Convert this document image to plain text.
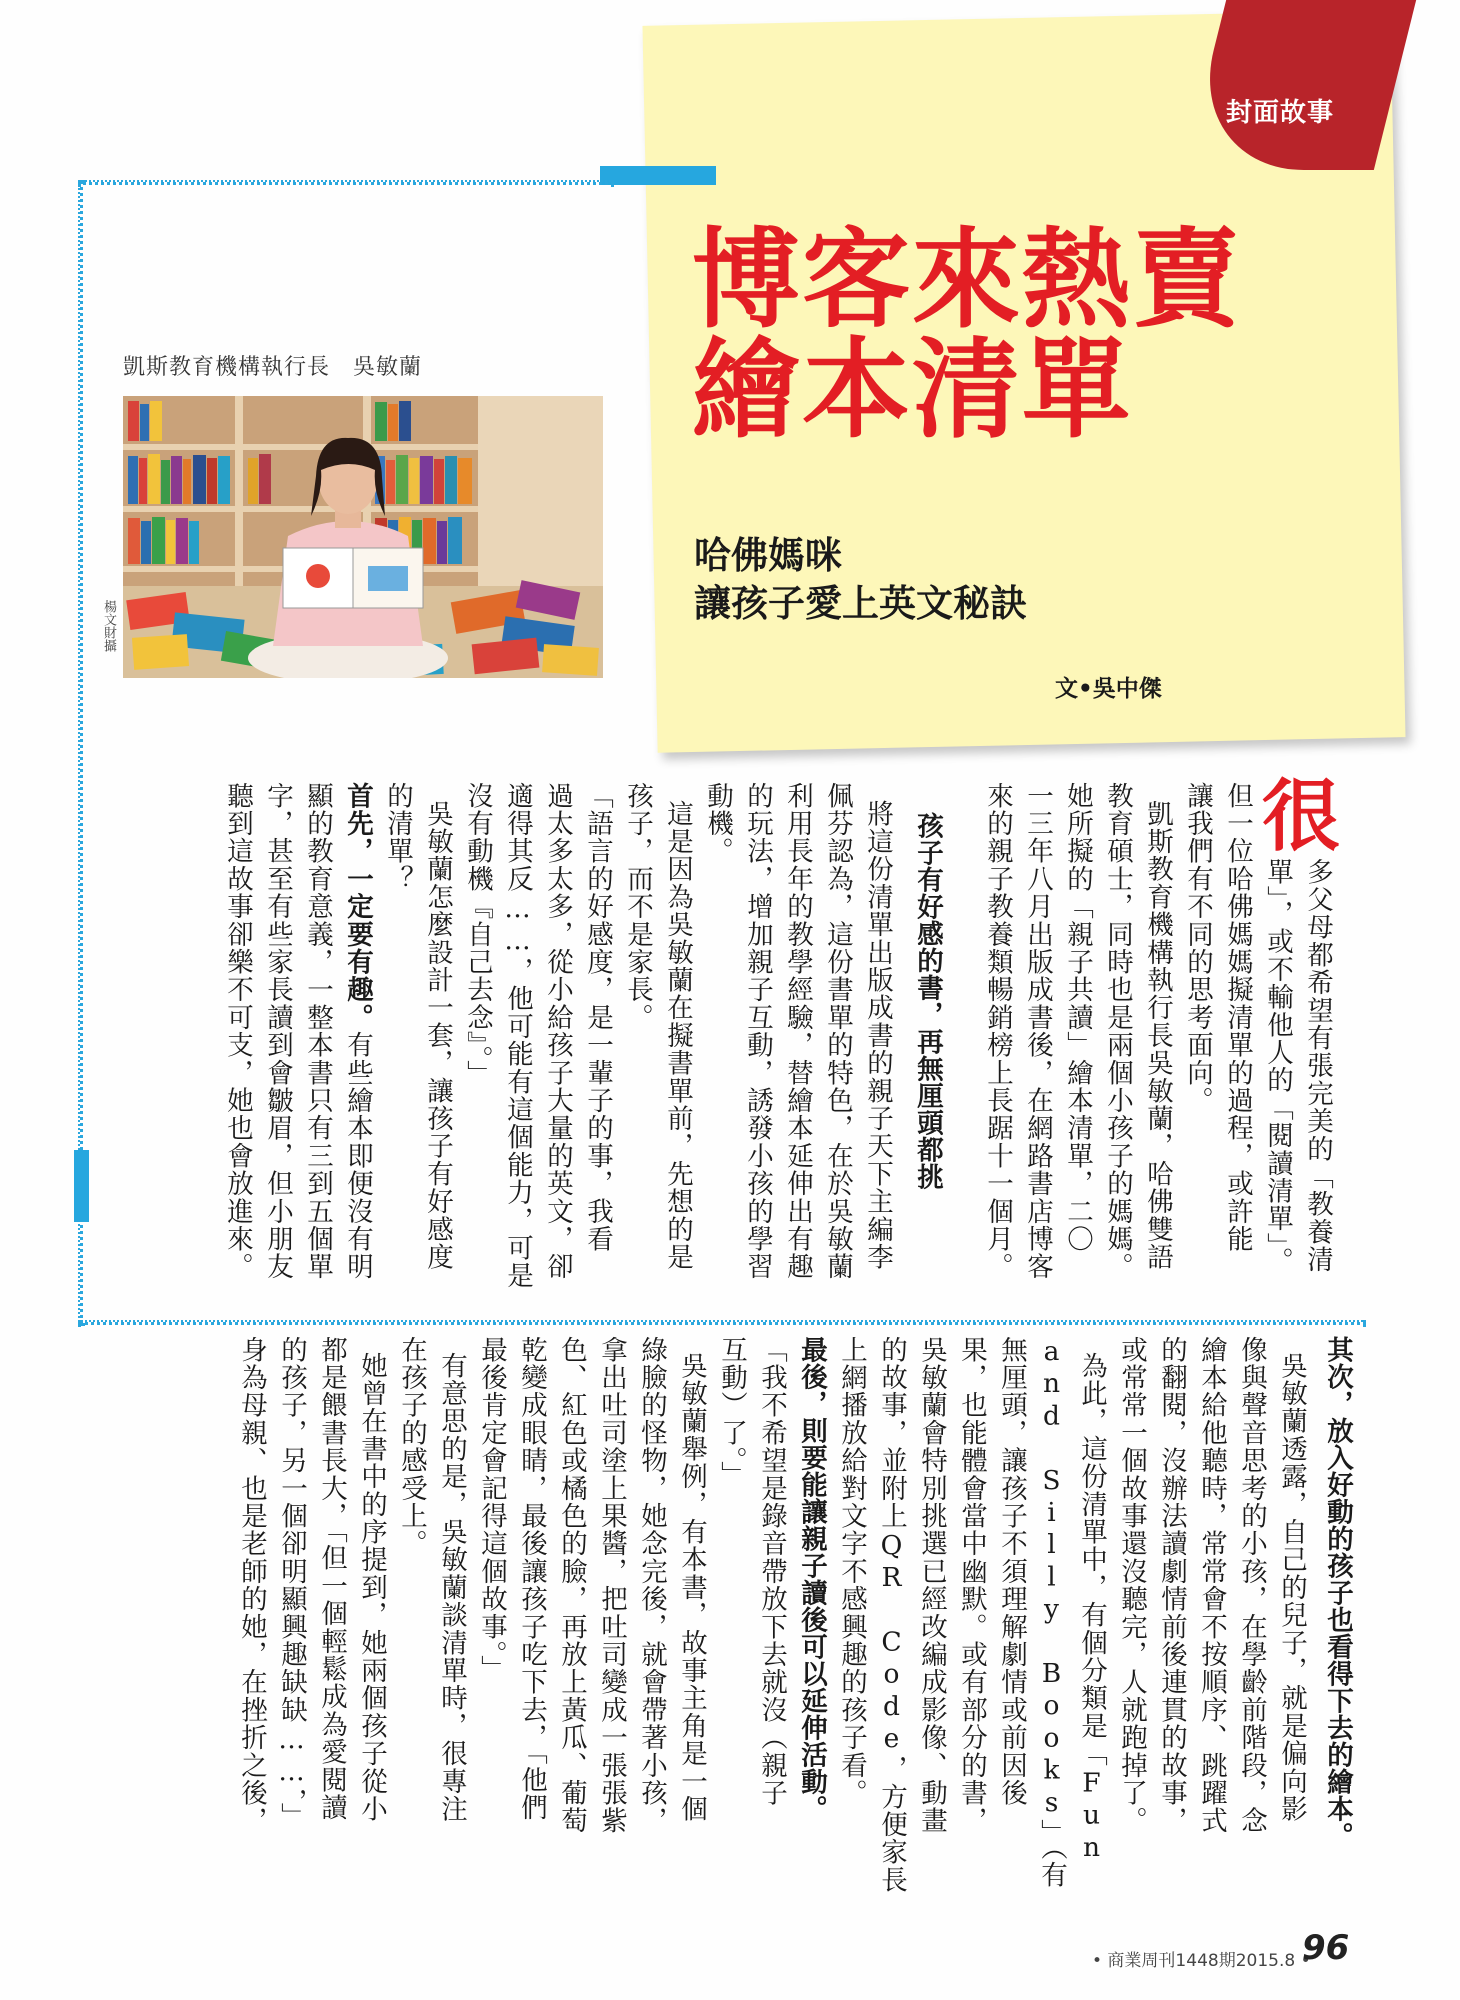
封面故事
博客來熱賣
繪本清單
哈佛媽咪
讓孩子愛上英文秘訣
文•吳中傑
凱斯教育機構執行長　吳敏蘭
楊文財攝
很
多父母都希望有張完美的「教養清
單」，或不輸他人的「閱讀清單」。
但一位哈佛媽媽擬清單的過程，或許能
讓我們有不同的思考面向。
凱斯教育機構執行長吳敏蘭，哈佛雙語
教育碩士，同時也是兩個小孩子的媽媽。
她所擬的「親子共讀」繪本清單，二〇
一三年八月出版成書後，在網路書店博客
來的親子教養類暢銷榜上長踞十一個月。
孩子有好感的書，再無厘頭都挑
將這份清單出版成書的親子天下主編李
佩芬認為，這份書單的特色，在於吳敏蘭
利用長年的教學經驗，替繪本延伸出有趣
的玩法，增加親子互動，誘發小孩的學習
動機。
這是因為吳敏蘭在擬書單前，先想的是
孩子，而不是家長。
「語言的好感度，是一輩子的事，我看
過太多太多，從小給孩子大量的英文，卻
適得其反……，他可能有這個能力，可是
沒有動機『自己去念』。」
吳敏蘭怎麼設計一套，讓孩子有好感度
的清單？
首先，一定要有趣。有些繪本即便沒有明
顯的教育意義，一整本書只有三到五個單
字，甚至有些家長讀到會皺眉，但小朋友
聽到這故事卻樂不可支，她也會放進來。
其次，放入好動的孩子也看得下去的繪本。
吳敏蘭透露，自己的兒子，就是偏向影
像與聲音思考的小孩，在學齡前階段，念
繪本給他聽時，常常會不按順序、跳躍式
的翻閱，沒辦法讀劇情前後連貫的故事，
或常常一個故事還沒聽完，人就跑掉了。
為此，這份清單中，有個分類是「Fun
and Silly Books」（有
無厘頭，讓孩子不須理解劇情或前因後
果，也能體會當中幽默。或有部分的書，
吳敏蘭會特別挑選已經改編成影像、動畫
的故事，並附上QR Code，方便家長
上網播放給對文字不感興趣的孩子看。
最後，則要能讓親子讀後可以延伸活動。
「我不希望是錄音帶放下去就沒（親子
互動）了。」
吳敏蘭舉例，有本書，故事主角是一個
綠臉的怪物，她念完後，就會帶著小孩，
拿出吐司塗上果醬，把吐司變成一張張紫
色、紅色或橘色的臉，再放上黃瓜、葡萄
乾變成眼睛，最後讓孩子吃下去，「他們
最後肯定會記得這個故事。」
有意思的是，吳敏蘭談清單時，很專注
在孩子的感受上。
她曾在書中的序提到，她兩個孩子從小
都是餵書長大，「但一個輕鬆成為愛閱讀
的孩子，另一個卻明顯興趣缺缺……，」
身為母親、也是老師的她，在挫折之後，
• 商業周刊1448期2015.8 •
96
